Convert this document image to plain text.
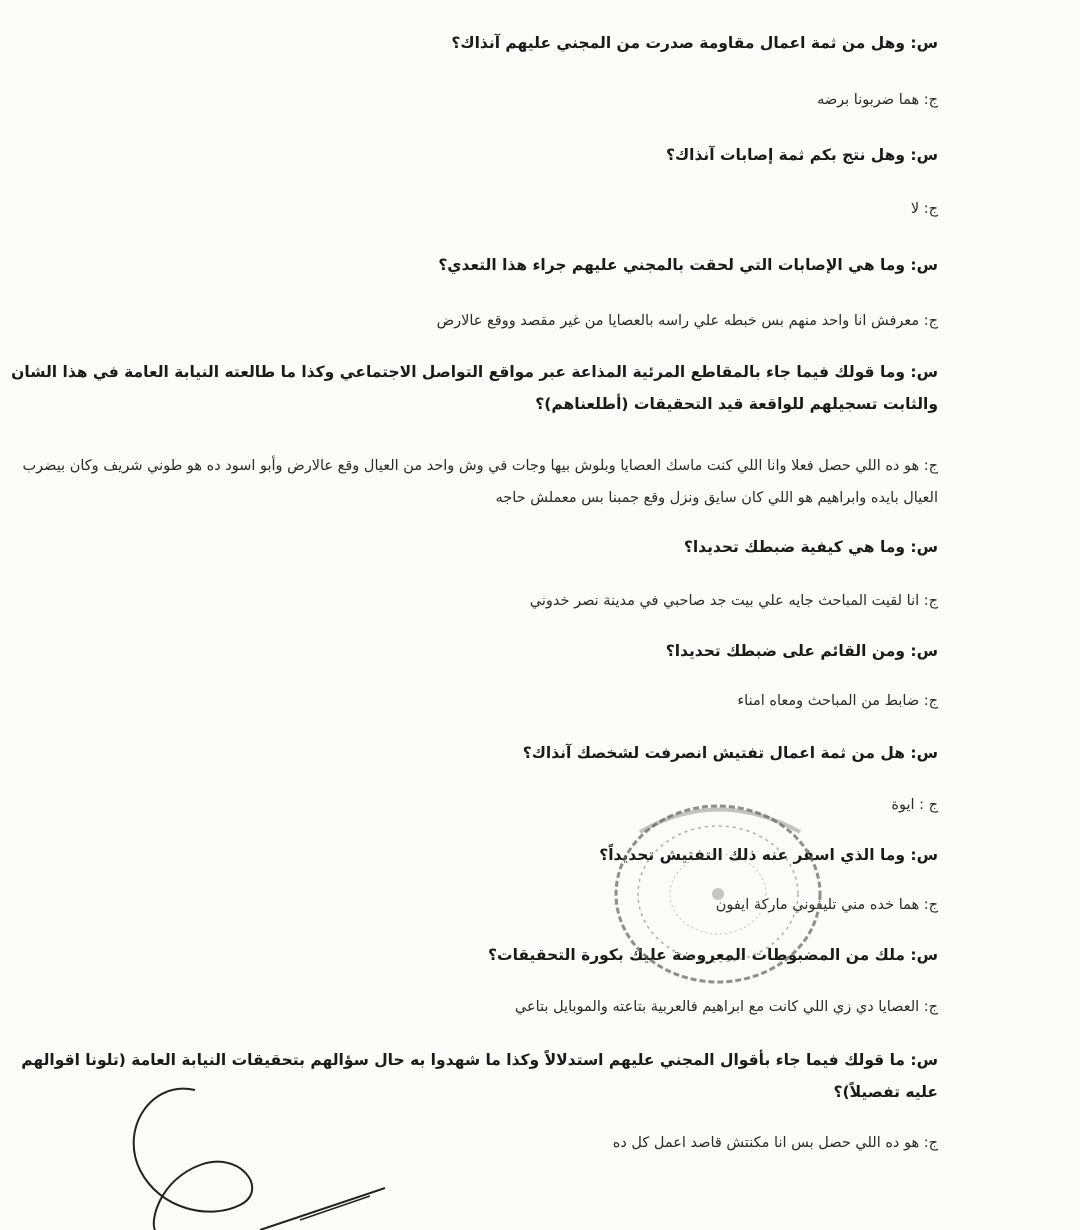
س: وهل من ثمة اعمال مقاومة صدرت من المجني عليهم آنذاك؟
ج: هما ضربونا برضه
س: وهل نتج بكم ثمة إصابات آنذاك؟
ج: لا
س: وما هي الإصابات التي لحقت بالمجني عليهم جراء هذا التعدي؟
ج: معرفش انا واحد منهم بس خبطه علي راسه بالعصايا من غير مقصد ووقع عالارض
س: وما قولك فيما جاء بالمقاطع المرئية المذاعة عبر مواقع التواصل الاجتماعي وكذا ما طالعته النيابة العامة في هذا الشان والثابت تسجيلهم للواقعة قيد التحقيقات (أطلعناهم)؟
ج: هو ده اللي حصل فعلا وانا اللي كنت ماسك العصايا وبلوش بيها وجات في وش واحد من العيال وقع عالارض وأبو اسود ده هو طوني شريف وكان بيضرب العيال بايده وابراهيم هو اللي كان سايق ونزل وقع جمبنا بس معملش حاجه
س: وما هي كيفية ضبطك تحديدا؟
ج: انا لقيت المباحث جايه علي بيت جد صاحبي في مدينة نصر خدوني
س: ومن القائم على ضبطك تحديدا؟
ج: ضابط من المباحث ومعاه امناء
س: هل من ثمة اعمال تفتيش انصرفت لشخصك آنذاك؟
ج : ايوة
س: وما الذي اسفر عنه ذلك التفتيش تحديداً؟
ج: هما خده مني تليفوني ماركة ايفون
س: ملك من المضبوطات المعروضة عليك بكورة التحقيقات؟
ج: العصايا دي زي اللي كانت مع ابراهيم فالعربية بتاعته والموبايل بتاعي
س: ما قولك فيما جاء بأقوال المجني عليهم استدلالاً وكذا ما شهدوا به حال سؤالهم بتحقيقات النيابة العامة (تلونا اقوالهم عليه تفصيلاً)؟
ج: هو ده اللي حصل بس انا مكنتش قاصد اعمل كل ده
